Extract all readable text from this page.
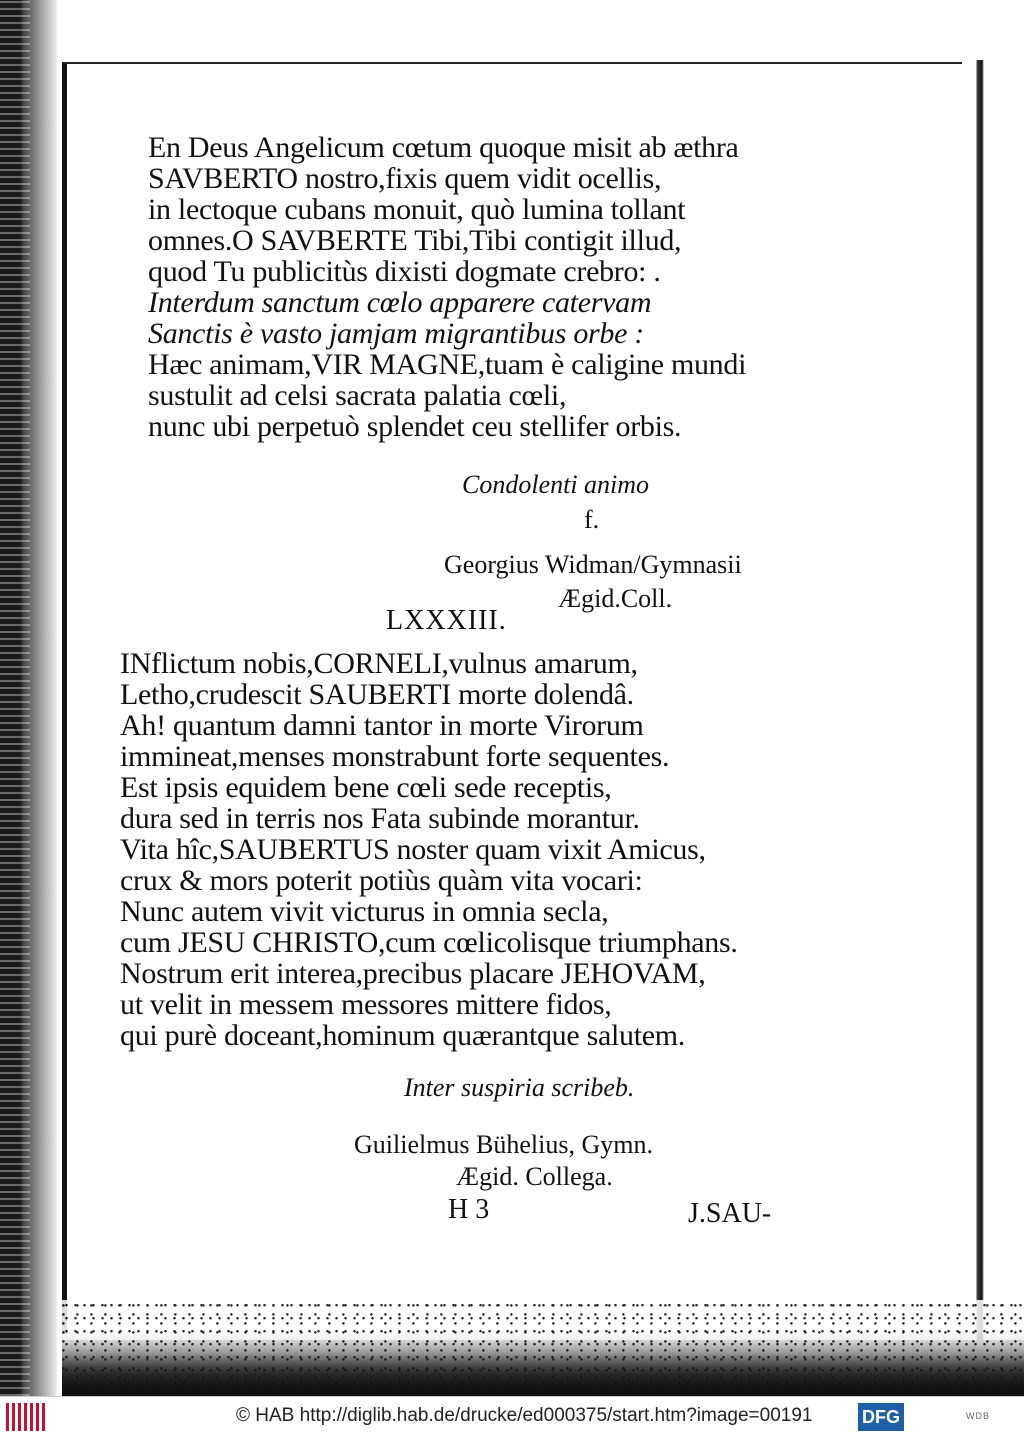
En Deus Angelicum cœtum quoque misit ab æthra
SAVBERTO nostro,fixis quem vidit ocellis,
in lectoque cubans monuit, quò lumina tollant
omnes.O SAVBERTE Tibi,Tibi contigit illud,
quod Tu publicitùs dixisti dogmate crebro: .
Interdum sanctum cœlo apparere catervam
Sanctis è vasto jamjam migrantibus orbe :
Hæc animam,VIR MAGNE,tuam è caligine mundi
sustulit ad celsi sacrata palatia cœli,
nunc ubi perpetuò splendet ceu stellifer orbis.
Condolenti animo
f.
Georgius Widman/Gymnasii
Ægid.Coll.
LXXXIII.
INflictum nobis,CORNELI,vulnus amarum,
Letho,crudescit SAUBERTI morte dolendâ.
Ah! quantum damni tantor in morte Virorum
immineat,menses monstrabunt forte sequentes.
Est ipsis equidem bene cœli sede receptis,
dura sed in terris nos Fata subinde morantur.
Vita hîc,SAUBERTUS noster quam vixit Amicus,
crux & mors poterit potiùs quàm vita vocari:
Nunc autem vivit victurus in omnia secla,
cum JESU CHRISTO,cum cœlicolisque triumphans.
Nostrum erit interea,precibus placare JEHOVAM,
ut velit in messem messores mittere fidos,
qui purè doceant,hominum quærantque salutem.
Inter suspiria scribeb.
Guilielmus Bühelius, Gymn.
Ægid. Collega.
H 3	J.SAU-
© HAB http://diglib.hab.de/drucke/ed000375/start.htm?image=00191	DFG	WDB
